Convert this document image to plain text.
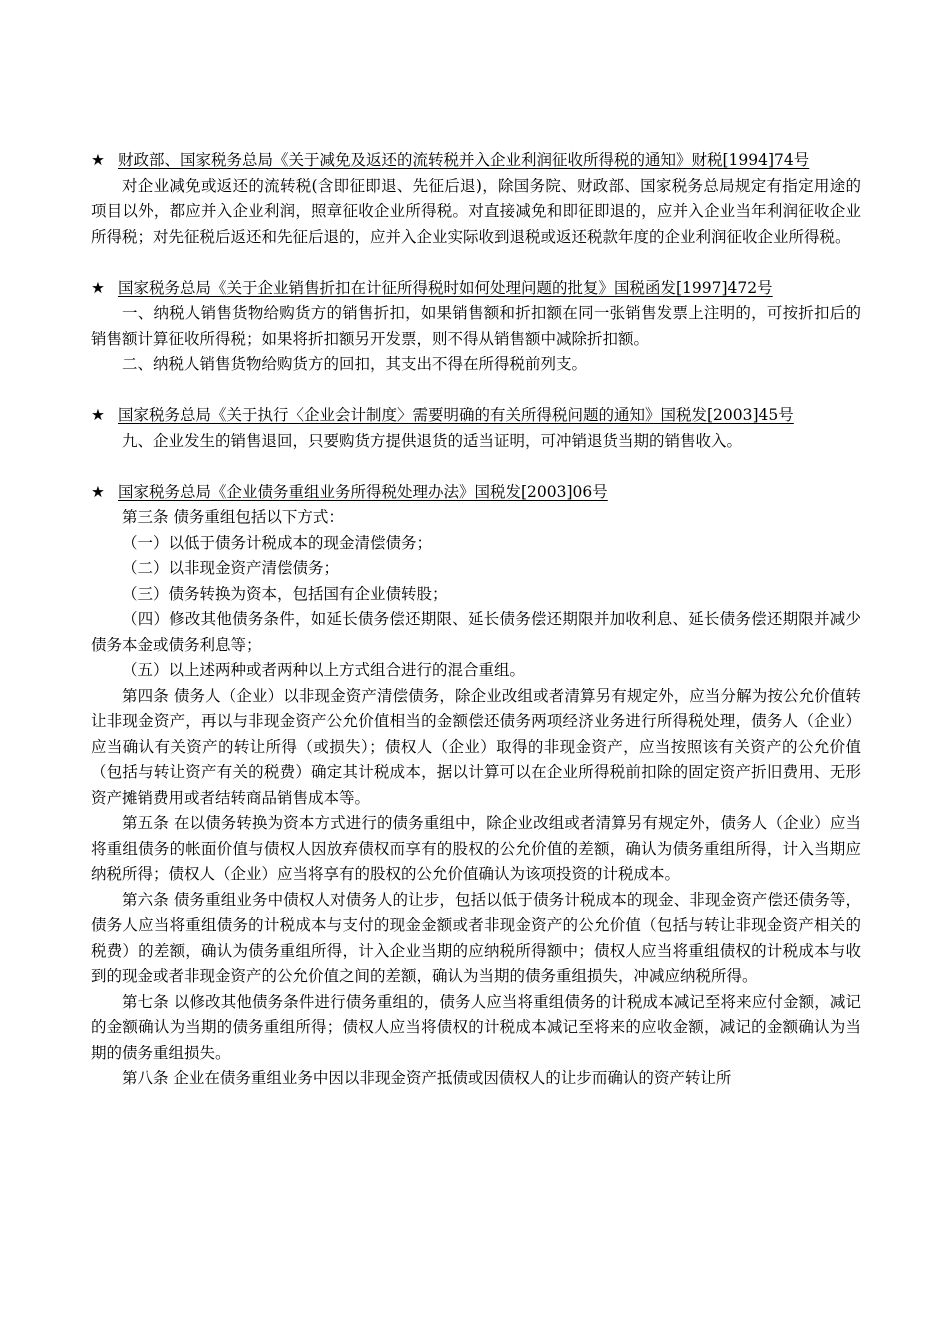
★ 财政部、国家税务总局《关于减免及返还的流转税并入企业利润征收所得税的通知》财税[1994]74号

对企业减免或返还的流转税(含即征即退、先征后退)，除国务院、财政部、国家税务总局规定有指定用途的项目以外，都应并入企业利润，照章征收企业所得税。对直接减免和即征即退的，应并入企业当年利润征收企业所得税；对先征税后返还和先征后退的，应并入企业实际收到退税或返还税款年度的企业利润征收企业所得税。

★ 国家税务总局《关于企业销售折扣在计征所得税时如何处理问题的批复》国税函发[1997]472号

一、纳税人销售货物给购货方的销售折扣，如果销售额和折扣额在同一张销售发票上注明的，可按折扣后的销售额计算征收所得税；如果将折扣额另开发票，则不得从销售额中减除折扣额。

二、纳税人销售货物给购货方的回扣，其支出不得在所得税前列支。

★ 国家税务总局《关于执行〈企业会计制度〉需要明确的有关所得税问题的通知》国税发[2003]45号

九、企业发生的销售退回，只要购货方提供退货的适当证明，可冲销退货当期的销售收入。

★ 国家税务总局《企业债务重组业务所得税处理办法》国税发[2003]06号

第三条 债务重组包括以下方式：

（一）以低于债务计税成本的现金清偿债务；

（二）以非现金资产清偿债务；

（三）债务转换为资本，包括国有企业债转股；

（四）修改其他债务条件，如延长债务偿还期限、延长债务偿还期限并加收利息、延长债务偿还期限并减少债务本金或债务利息等；

（五）以上述两种或者两种以上方式组合进行的混合重组。

第四条 债务人（企业）以非现金资产清偿债务，除企业改组或者清算另有规定外，应当分解为按公允价值转让非现金资产，再以与非现金资产公允价值相当的金额偿还债务两项经济业务进行所得税处理，债务人（企业）应当确认有关资产的转让所得（或损失）；债权人（企业）取得的非现金资产，应当按照该有关资产的公允价值（包括与转让资产有关的税费）确定其计税成本，据以计算可以在企业所得税前扣除的固定资产折旧费用、无形资产摊销费用或者结转商品销售成本等。

第五条 在以债务转换为资本方式进行的债务重组中，除企业改组或者清算另有规定外，债务人（企业）应当将重组债务的帐面价值与债权人因放弃债权而享有的股权的公允价值的差额，确认为债务重组所得，计入当期应纳税所得；债权人（企业）应当将享有的股权的公允价值确认为该项投资的计税成本。

第六条 债务重组业务中债权人对债务人的让步，包括以低于债务计税成本的现金、非现金资产偿还债务等，债务人应当将重组债务的计税成本与支付的现金金额或者非现金资产的公允价值（包括与转让非现金资产相关的税费）的差额，确认为债务重组所得，计入企业当期的应纳税所得额中；债权人应当将重组债权的计税成本与收到的现金或者非现金资产的公允价值之间的差额，确认为当期的债务重组损失，冲减应纳税所得。

第七条 以修改其他债务条件进行债务重组的，债务人应当将重组债务的计税成本减记至将来应付金额，减记的金额确认为当期的债务重组所得；债权人应当将债权的计税成本减记至将来的应收金额，减记的金额确认为当期的债务重组损失。

第八条 企业在债务重组业务中因以非现金资产抵债或因债权人的让步而确认的资产转让所
